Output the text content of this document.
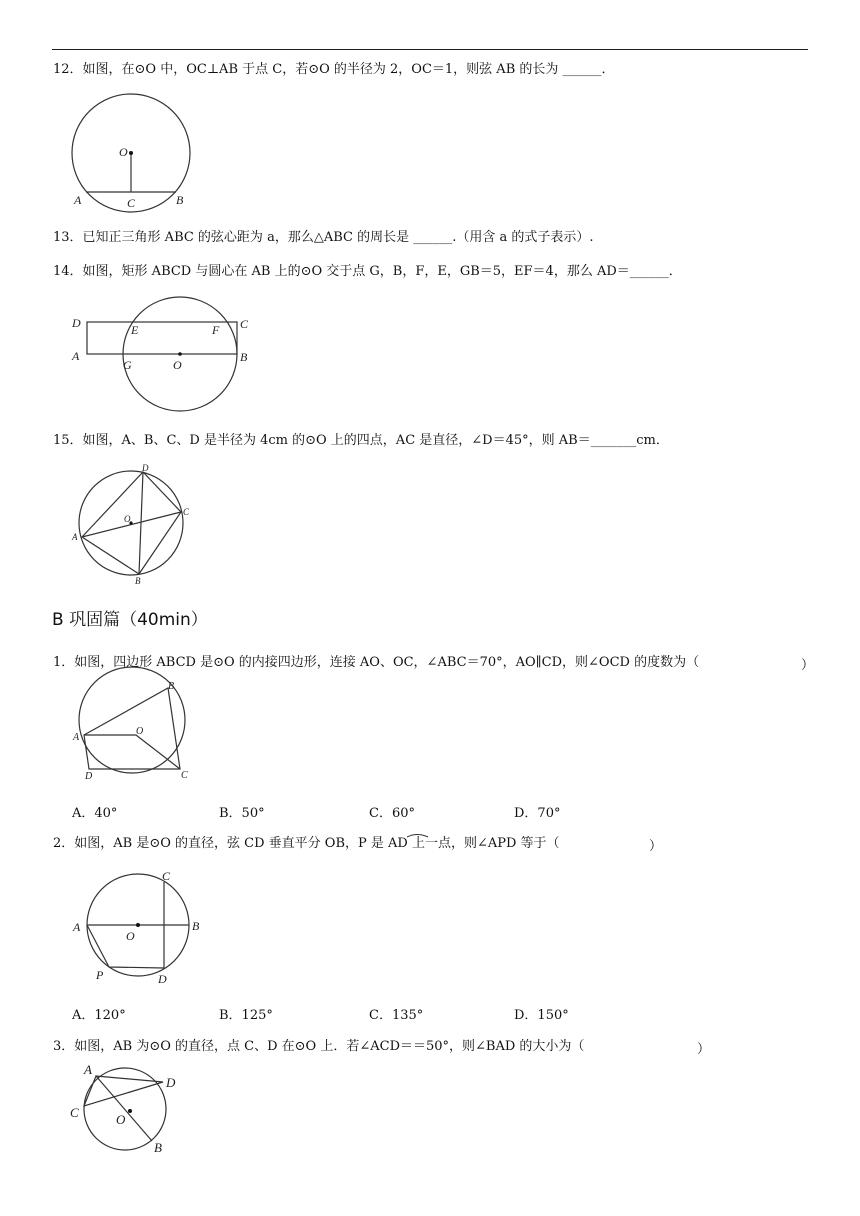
12．如图，在⊙O 中，OC⊥AB 于点 C，若⊙O 的半径为 2，OC＝1，则弦 AB 的长为 ______．
O
A	C	B
13．已知正三角形 ABC 的弦心距为 a，那么△ABC 的周长是 ______.（用含 a 的式子表示）.
14．如图，矩形 ABCD 与圆心在 AB 上的⊙O 交于点 G，B，F，E，GB＝5，EF＝4，那么 AD＝______．
D	E	F C
A
G	O
B
15．如图，A、B、C、D 是半径为 4cm 的⊙O 上的四点，AC 是直径，∠D＝45°，则 AB＝_______cm．
D
C
O
A
B
B 巩固篇（40min）
1．如图，四边形 ABCD 是⊙O 的内接四边形，连接 AO、OC，∠ABC＝70°，AO∥CD，则∠OCD 的度数为（	）
B
A
O
D	C
A．40°	B．50°	C．60°	D．70°
2．如图，AB 是⊙O 的直径，弦 CD 垂直平分 OB，P 是 AD 上一点，则∠APD 等于（	）
C
A
O
B
P	D
A．120°	B．125°	C．135°	D．150°
3．如图，AB 为⊙O 的直径，点 C、D 在⊙O 上．若∠ACD＝＝50°，则∠BAD 的大小为（	）
A
D
C	O
B
